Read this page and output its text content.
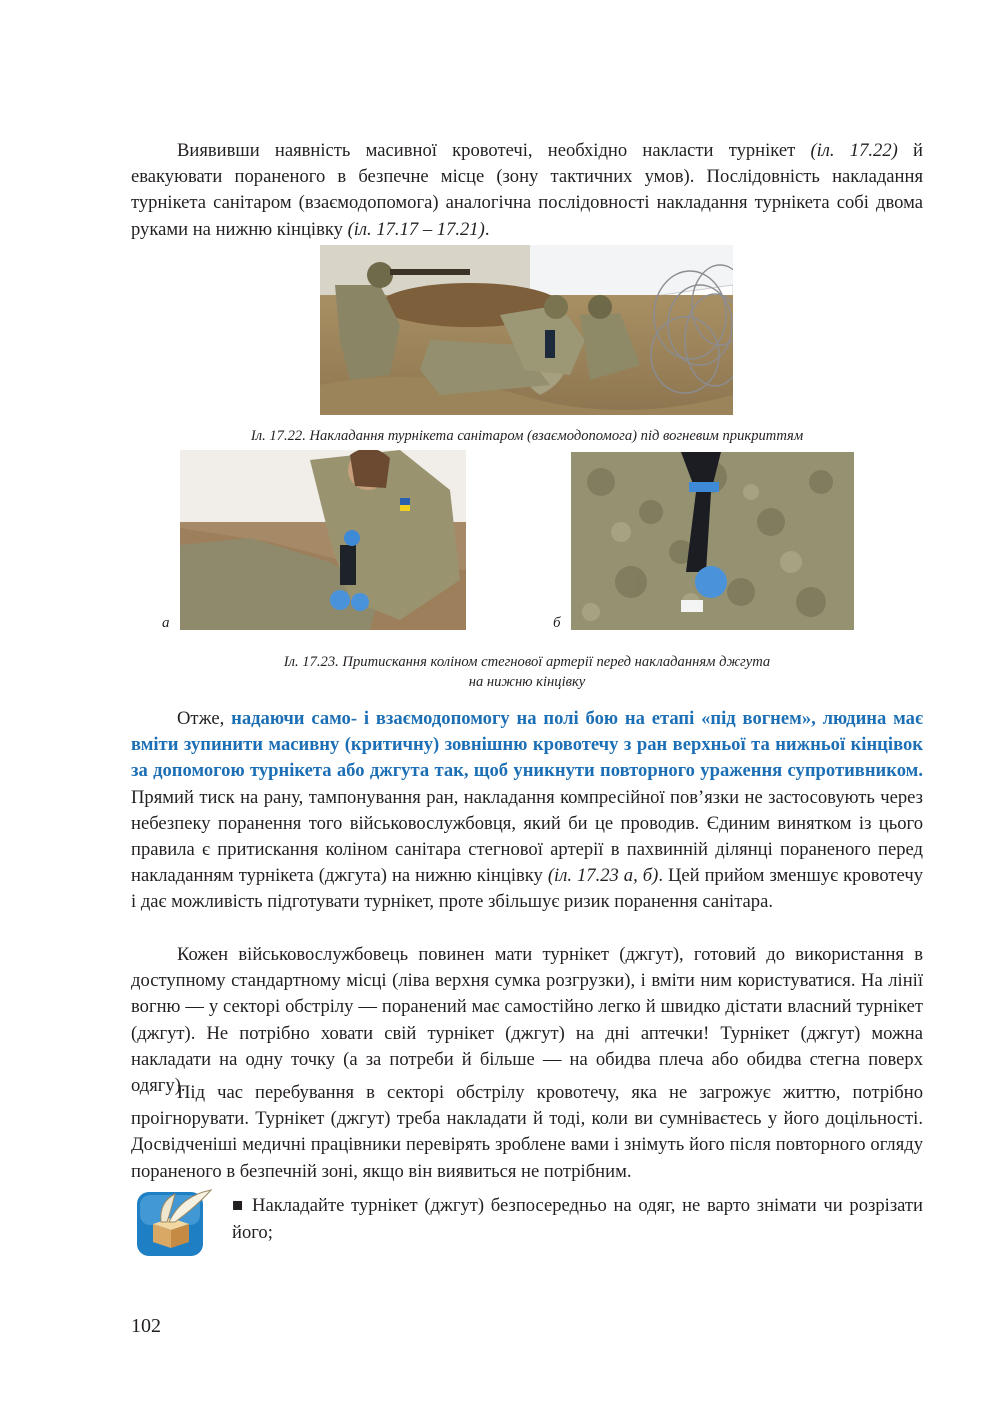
Виявивши наявність масивної кровотечі, необхідно накласти турнікет (іл. 17.22) й евакуювати пораненого в безпечне місце (зону тактичних умов). Послідовність накладання турнікета санітаром (взаємодопомога) аналогічна послідовності накладання турнікета собі двома руками на нижню кінцівку (іл. 17.17 – 17.21).

Іл. 17.22. Накладання турнікета санітаром (взаємодопомога) під вогневим прикриттям

а	б

Іл. 17.23. Притискання коліном стегнової артерії перед накладанням джгута
на нижню кінцівку

Отже, надаючи само- і взаємодопомогу на полі бою на етапі «під вогнем», людина має вміти зупинити масивну (критичну) зовнішню кровотечу з ран верхньої та нижньої кінцівок за допомогою турнікета або джгута так, щоб уникнути повторного ураження супротивником. Прямий тиск на рану, тампонування ран, накладання компресійної пов’язки не застосовують через небезпеку поранення того військовослужбовця, який би це проводив. Єдиним винятком із цього правила є притискання коліном санітара стегнової артерії в пахвинній ділянці пораненого перед накладанням турнікета (джгута) на нижню кінцівку (іл. 17.23 а, б). Цей прийом зменшує кровотечу і дає можливість підготувати турнікет, проте збільшує ризик поранення санітара.

Кожен військовослужбовець повинен мати турнікет (джгут), готовий до використання в доступному стандартному місці (ліва верхня сумка розгрузки), і вміти ним користуватися. На лінії вогню — у секторі обстрілу — поранений має самостійно легко й швидко дістати власний турнікет (джгут). Не потрібно ховати свій турнікет (джгут) на дні аптечки! Турнікет (джгут) можна накладати на одну точку (а за потреби й більше — на обидва плеча або обидва стегна поверх одягу).

Під час перебування в секторі обстрілу кровотечу, яка не загрожує життю, потрібно проігнорувати. Турнікет (джгут) треба накладати й тоді, коли ви сумніваєтесь у його доцільності. Досвідченіші медичні працівники перевірять зроблене вами і знімуть його після повторного огляду пораненого в безпечній зоні, якщо він виявиться не потрібним.

■ Накладайте турнікет (джгут) безпосередньо на одяг, не варто знімати чи розрізати його;

102
